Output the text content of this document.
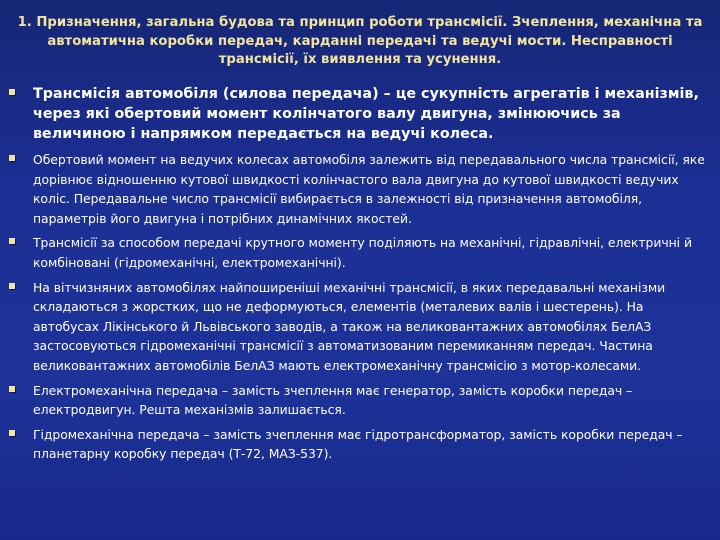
1. Призначення, загальна будова та принцип роботи трансмісії. Зчеплення, механічна та автоматична коробки передач, карданні передачі та ведучі мости. Несправності трансмісії, їх виявлення та усунення.
Трансмісія автомобіля (силова передача) – це сукупність агрегатів і механізмів, через які обертовий момент колінчатого валу двигуна, змінюючись за величиною і напрямком передається на ведучі колеса.
Обертовий момент на ведучих колесах автомобіля залежить від передавального числа трансмісії, яке дорівнює відношенню кутової швидкості колінчастого вала двигуна до кутової швидкості ведучих коліс. Передавальне число трансмісії вибирається в залежності від призначення автомобіля, параметрів його двигуна і потрібних динамічних якостей.
Трансмісії за способом передачі крутного моменту поділяють на механічні, гідравлічні, електричні й комбіновані (гідромеханічні, електромеханічні).
На вітчизняних автомобілях найпоширеніші механічні трансмісії, в яких передавальні механізми складаються з жорстких, що не деформуються, елементів (металевих валів і шестерень). На автобусах Лікінського й Львівського заводів, а також на великовантажних автомобілях БелАЗ застосовуються гідромеханічні трансмісії з автоматизованим перемиканням передач. Частина великовантажних автомобілів БелАЗ мають електромеханічну трансмісію з мотор-колесами.
Електромеханічна передача – замість зчеплення має генератор, замість коробки передач – електродвигун. Решта механізмів залишається.
Гідромеханічна передача – замість зчеплення має гідротрансформатор, замість коробки передач – планетарну коробку передач (Т-72, МАЗ-537).
